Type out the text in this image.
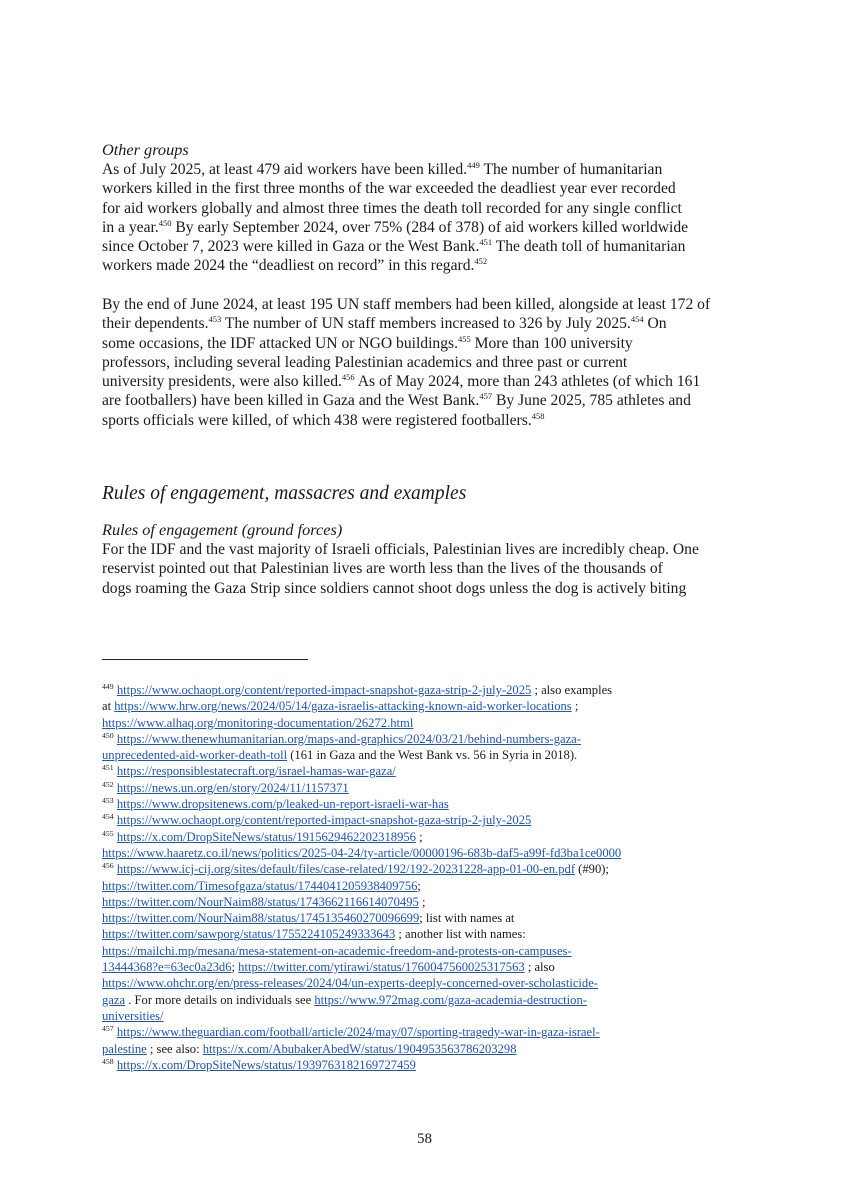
Other groups

As of July 2025, at least 479 aid workers have been killed.$^{449}$ The number of humanitarian
workers killed in the first three months of the war exceeded the deadliest year ever recorded
for aid workers globally and almost three times the death toll recorded for any single conflict
in a year.$^{450}$ By early September 2024, over 75% (284 of 378) of aid workers killed worldwide
since October 7, 2023 were killed in Gaza or the West Bank.$^{451}$ The death toll of humanitarian
workers made 2024 the “deadliest on record” in this regard.$^{452}$

By the end of June 2024, at least 195 UN staff members had been killed, alongside at least 172 of
their dependents.$^{453}$ The number of UN staff members increased to 326 by July 2025.$^{454}$ On
some occasions, the IDF attacked UN or NGO buildings.$^{455}$ More than 100 university
professors, including several leading Palestinian academics and three past or current
university presidents, were also killed.$^{456}$ As of May 2024, more than 243 athletes (of which 161
are footballers) have been killed in Gaza and the West Bank.$^{457}$ By June 2025, 785 athletes and
sports officials were killed, of which 438 were registered footballers.$^{458}$

Rules of engagement, massacres and examples

Rules of engagement (ground forces)

For the IDF and the vast majority of Israeli officials, Palestinian lives are incredibly cheap. One
reservist pointed out that Palestinian lives are worth less than the lives of the thousands of
dogs roaming the Gaza Strip since soldiers cannot shoot dogs unless the dog is actively biting

$^{449}$ https://www.ochaopt.org/content/reported-impact-snapshot-gaza-strip-2-july-2025 ; also examples
at https://www.hrw.org/news/2024/05/14/gaza-israelis-attacking-known-aid-worker-locations ;
https://www.alhaq.org/monitoring-documentation/26272.html
$^{450}$ https://www.thenewhumanitarian.org/maps-and-graphics/2024/03/21/behind-numbers-gaza-
unprecedented-aid-worker-death-toll (161 in Gaza and the West Bank vs. 56 in Syria in 2018).
$^{451}$ https://responsiblestatecraft.org/israel-hamas-war-gaza/
$^{452}$ https://news.un.org/en/story/2024/11/1157371
$^{453}$ https://www.dropsitenews.com/p/leaked-un-report-israeli-war-has
$^{454}$ https://www.ochaopt.org/content/reported-impact-snapshot-gaza-strip-2-july-2025
$^{455}$ https://x.com/DropSiteNews/status/1915629462202318956 ;
https://www.haaretz.co.il/news/politics/2025-04-24/ty-article/00000196-683b-daf5-a99f-fd3ba1ce0000
$^{456}$ https://www.icj-cij.org/sites/default/files/case-related/192/192-20231228-app-01-00-en.pdf (#90);
https://twitter.com/Timesofgaza/status/1744041205938409756;
https://twitter.com/NourNaim88/status/1743662116614070495 ;
https://twitter.com/NourNaim88/status/1745135460270096699; list with names at
https://twitter.com/sawporg/status/1755224105249333643 ; another list with names:
https://mailchi.mp/mesana/mesa-statement-on-academic-freedom-and-protests-on-campuses-
13444368?e=63ec0a23d6; https://twitter.com/ytirawi/status/1760047560025317563 ; also
https://www.ohchr.org/en/press-releases/2024/04/un-experts-deeply-concerned-over-scholasticide-
gaza . For more details on individuals see https://www.972mag.com/gaza-academia-destruction-
universities/
$^{457}$ https://www.theguardian.com/football/article/2024/may/07/sporting-tragedy-war-in-gaza-israel-
palestine ; see also: https://x.com/AbubakerAbedW/status/1904953563786203298
$^{458}$ https://x.com/DropSiteNews/status/1939763182169727459
58
